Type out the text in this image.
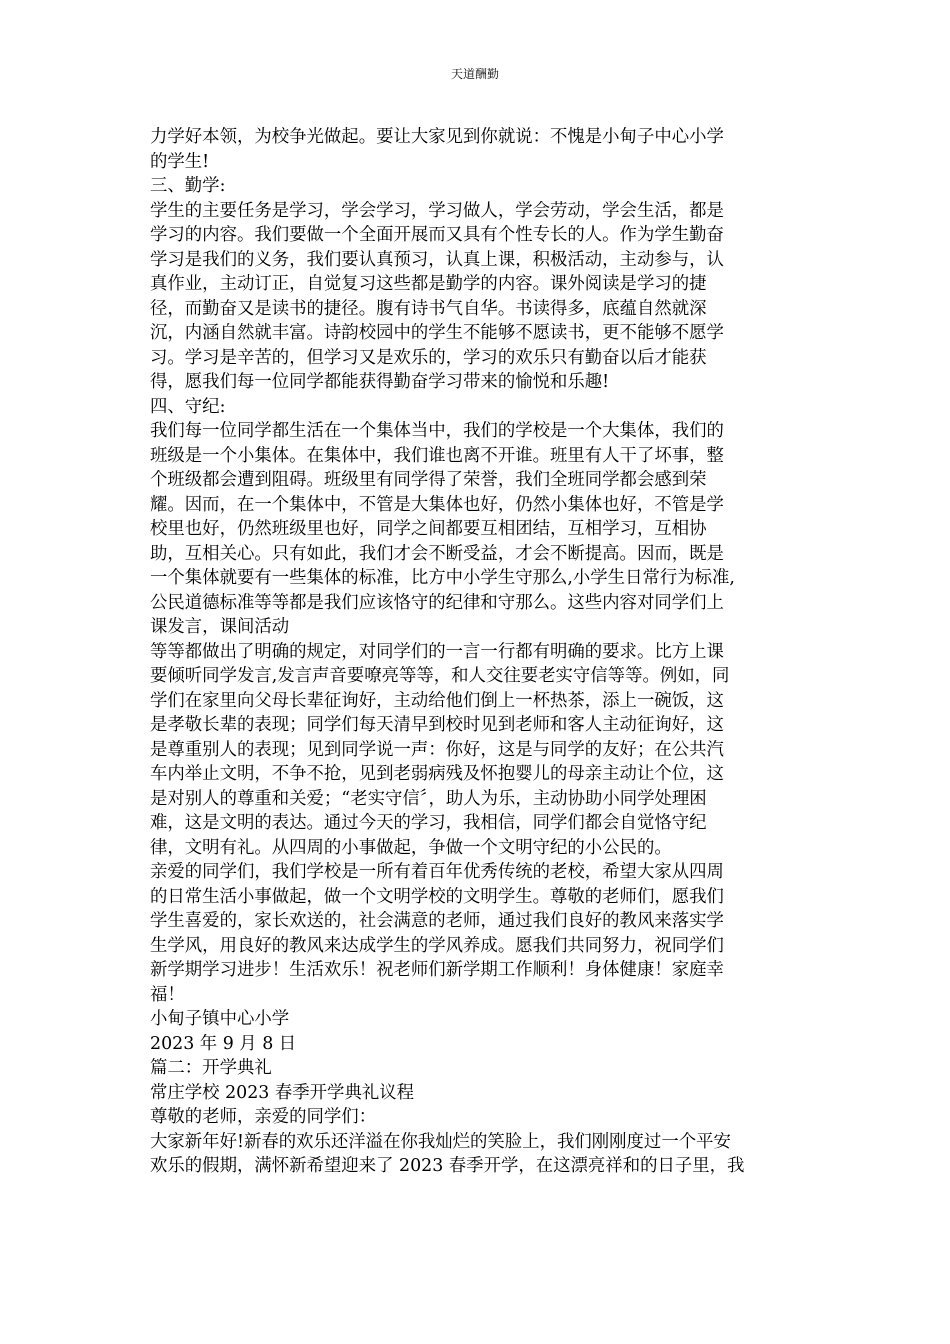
天道酬勤
力学好本领，为校争光做起。要让大家见到你就说：不愧是小甸子中心小学
的学生!
三、勤学:
学生的主要任务是学习，学会学习，学习做人，学会劳动，学会生活，都是
学习的内容。我们要做一个全面开展而又具有个性专长的人。作为学生勤奋
学习是我们的义务，我们要认真预习，认真上课，积极活动，主动参与，认
真作业，主动订正，自觉复习这些都是勤学的内容。课外阅读是学习的捷
径，而勤奋又是读书的捷径。腹有诗书气自华。书读得多，底蕴自然就深
沉，内涵自然就丰富。诗韵校园中的学生不能够不愿读书，更不能够不愿学
习。学习是辛苦的，但学习又是欢乐的，学习的欢乐只有勤奋以后才能获
得，愿我们每一位同学都能获得勤奋学习带来的愉悦和乐趣!
四、守纪:
我们每一位同学都生活在一个集体当中，我们的学校是一个大集体，我们的
班级是一个小集体。在集体中，我们谁也离不开谁。班里有人干了坏事，整
个班级都会遭到阻碍。班级里有同学得了荣誉，我们全班同学都会感到荣
耀。因而，在一个集体中，不管是大集体也好，仍然小集体也好，不管是学
校里也好，仍然班级里也好，同学之间都要互相团结，互相学习，互相协
助，互相关心。只有如此，我们才会不断受益，才会不断提高。因而，既是
一个集体就要有一些集体的标准，比方中小学生守那么,小学生日常行为标准,
公民道德标准等等都是我们应该恪守的纪律和守那么。这些内容对同学们上
课发言，课间活动
等等都做出了明确的规定，对同学们的一言一行都有明确的要求。比方上课
要倾听同学发言,发言声音要嘹亮等等，和人交往要老实守信等等。例如，同
学们在家里向父母长辈征询好，主动给他们倒上一杯热茶，添上一碗饭，这
是孝敬长辈的表现；同学们每天清早到校时见到老师和客人主动征询好，这
是尊重别人的表现；见到同学说一声：你好，这是与同学的友好；在公共汽
车内举止文明，不争不抢，见到老弱病残及怀抱婴儿的母亲主动让个位，这
是对别人的尊重和关爱；“老实守信〞，助人为乐，主动协助小同学处理困
难，这是文明的表达。通过今天的学习，我相信，同学们都会自觉恪守纪
律，文明有礼。从四周的小事做起，争做一个文明守纪的小公民的。
亲爱的同学们，我们学校是一所有着百年优秀传统的老校，希望大家从四周
的日常生活小事做起，做一个文明学校的文明学生。尊敬的老师们，愿我们
学生喜爱的，家长欢送的，社会满意的老师，通过我们良好的教风来落实学
生学风，用良好的教风来达成学生的学风养成。愿我们共同努力，祝同学们
新学期学习进步！生活欢乐！祝老师们新学期工作顺利！身体健康！家庭幸
福！
小甸子镇中心小学
2023 年 9 月 8 日
篇二：开学典礼
常庄学校 2023 春季开学典礼议程
尊敬的老师，亲爱的同学们：
大家新年好!新春的欢乐还洋溢在你我灿烂的笑脸上，我们刚刚度过一个平安
欢乐的假期，满怀新希望迎来了 2023 春季开学，在这漂亮祥和的日子里，我
